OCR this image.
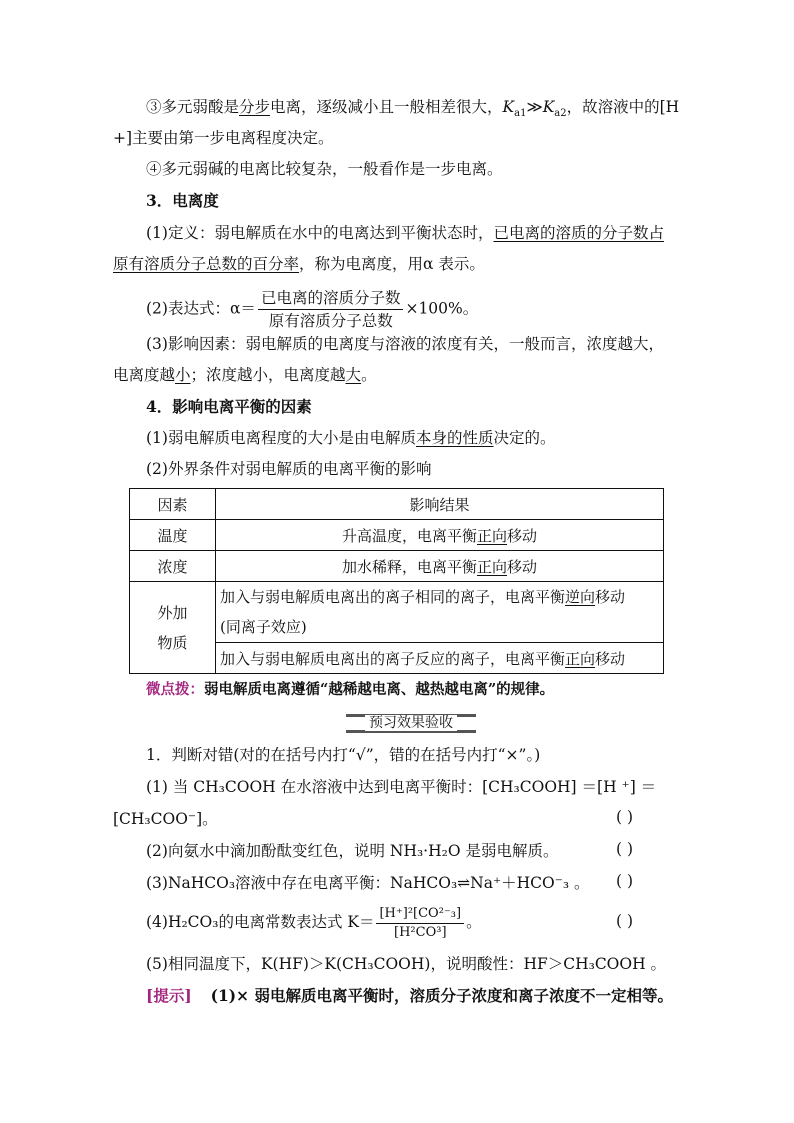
③多元弱酸是分步电离，逐级减小且一般相差很大，$K_{a1}≫K_{a2}$，故溶液中的[H
+]主要由第一步电离程度决定。
④多元弱碱的电离比较复杂，一般看作是一步电离。
3．电离度
(1)定义：弱电解质在水中的电离达到平衡状态时，已电离的溶质的分子数占
原有溶质分子总数的百分率，称为电离度，用α 表示。
(2)表达式：$\alpha= \frac{\text{已电离的溶质分子数}}{\text{原有溶质分子总数}} \times 100\%$。
(3)影响因素：弱电解质的电离度与溶液的浓度有关，一般而言，浓度越大，
电离度越小；浓度越小，电离度越大。
4．影响电离平衡的因素
(1)弱电解质电离程度的大小是由电解质本身的性质决定的。
(2)外界条件对弱电解质的电离平衡的影响
因素	影响结果
温度	升高温度，电离平衡正向移动
浓度	加水稀释，电离平衡正向移动
外加
物质	加入与弱电解质电离出的离子相同的离子，电离平衡逆向移动
(同离子效应)
	加入与弱电解质电离出的离子反应的离子，电离平衡正向移动
微点拨：弱电解质电离遵循“越稀越电离、越热越电离”的规律。
预习效果验收
1．判断对错(对的在括号内打“√”，错的在括号内打“×”。)
(1) 当 CH₃COOH 在水溶液中达到电离平衡时：[CH₃COOH] ＝[H ⁺] ＝
[CH₃COO⁻]。	( )
(2)向氨水中滴加酚酞变红色，说明 NH₃·H₂O 是弱电解质。	( )
(3)NaHCO₃溶液中存在电离平衡：NaHCO₃⇌Na⁺＋HCO⁻₃ 。 ( )
(4)H₂CO₃的电离常数表达式 $K= \frac{\text{[H⁺]²[CO²⁻₃]}}{\text{[H²CO³]}}$ 。	( )
(5)相同温度下，K(HF)＞K(CH₃COOH)，说明酸性：HF＞CH₃COOH 。
[提示] (1)× 弱电解质电离平衡时，溶质分子浓度和离子浓度不一定相等。
